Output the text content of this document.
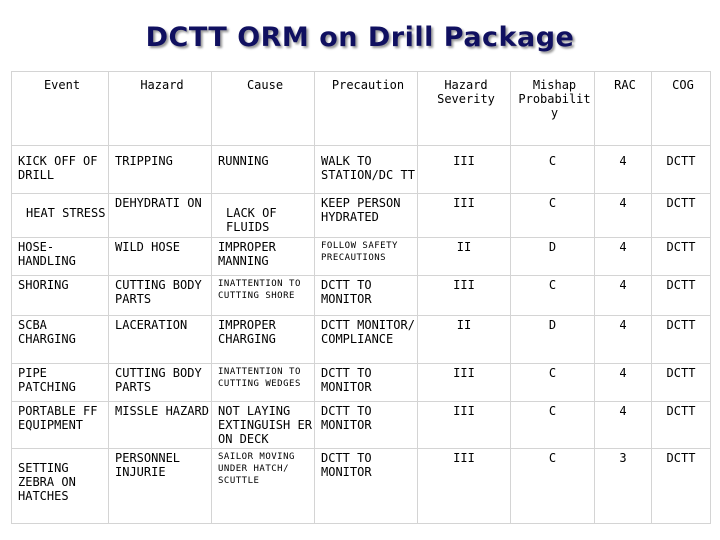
DCTT ORM on Drill Package
Event	Hazard	Cause	Precaution	Hazard Severity	Mishap Probability	RAC	COG
KICK OFF OF DRILL	TRIPPING	RUNNING	WALK TO STATION/DC TT	III	C	4	DCTT
HEAT STRESS	DEHYDRATI ON	LACK OF FLUIDS	KEEP PERSON HYDRATED	III	C	4	DCTT
HOSE-HANDLING	WILD HOSE	IMPROPER MANNING	FOLLOW SAFETY PRECAUTIONS	II	D	4	DCTT
SHORING	CUTTING BODY PARTS	INATTENTION TO CUTTING SHORE	DCTT TO MONITOR	III	C	4	DCTT
SCBA CHARGING	LACERATION	IMPROPER CHARGING	DCTT MONITOR/ COMPLIANCE	II	D	4	DCTT
PIPE PATCHING	CUTTING BODY PARTS	INATTENTION TO CUTTING WEDGES	DCTT TO MONITOR	III	C	4	DCTT
PORTABLE FF EQUIPMENT	MISSLE HAZARD	NOT LAYING EXTINGUISH ER ON DECK	DCTT TO MONITOR	III	C	4	DCTT
SETTING ZEBRA ON HATCHES	PERSONNEL INJURIE	SAILOR MOVING UNDER HATCH/ SCUTTLE	DCTT TO MONITOR	III	C	3	DCTT
